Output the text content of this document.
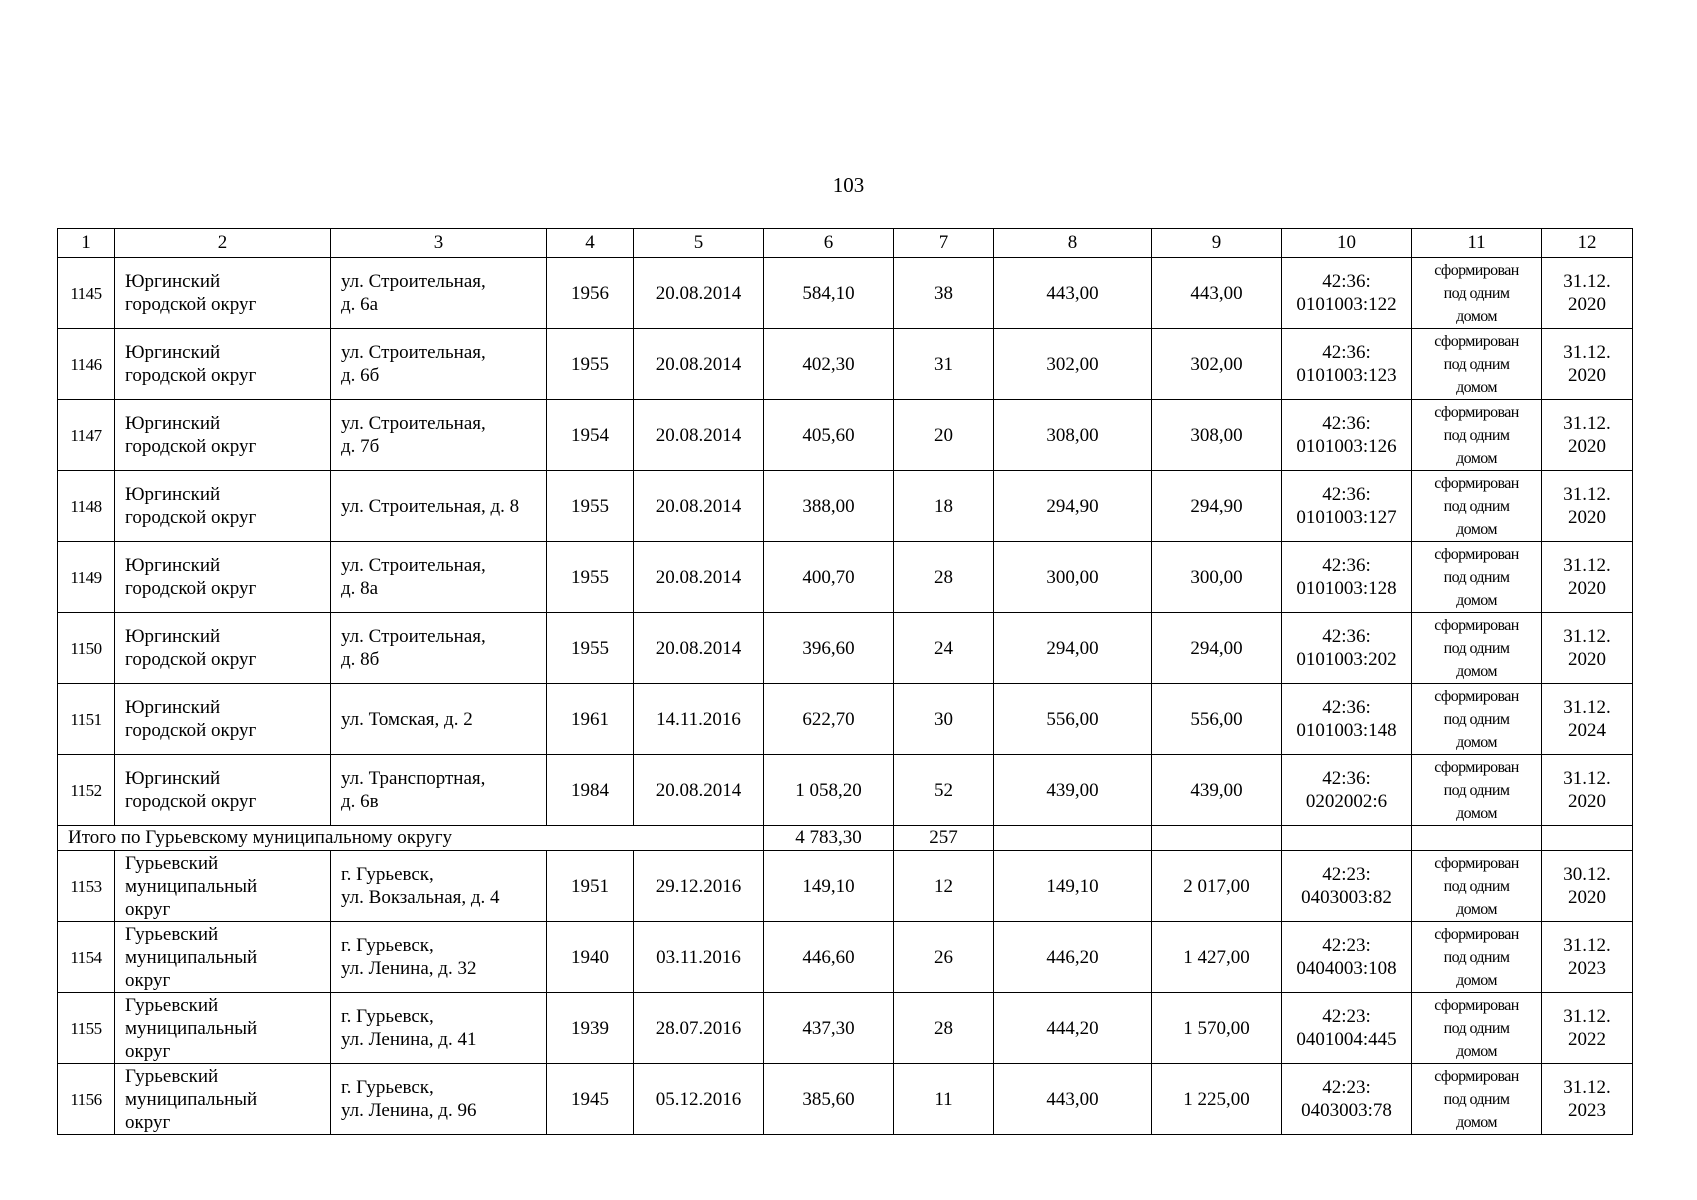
103
1	2	3	4	5	6	7	8	9	10	11	12
1145	Юргинский
городской округ	ул. Строительная,
д. 6а	1956	20.08.2014	584,10	38	443,00	443,00	42:36:
0101003:122	сформирован
под одним
домом	31.12.
2020

1146	Юргинский
городской округ	ул. Строительная,
д. 6б	1955	20.08.2014	402,30	31	302,00	302,00	42:36:
0101003:123	сформирован
под одним
домом	31.12.
2020

1147	Юргинский
городской округ	ул. Строительная,
д. 7б	1954	20.08.2014	405,60	20	308,00	308,00	42:36:
0101003:126	сформирован
под одним
домом	31.12.
2020

1148	Юргинский
городской округ	ул. Строительная, д. 8	1955	20.08.2014	388,00	18	294,90	294,90	42:36:
0101003:127	сформирован
под одним
домом	31.12.
2020

1149	Юргинский
городской округ	ул. Строительная,
д. 8а	1955	20.08.2014	400,70	28	300,00	300,00	42:36:
0101003:128	сформирован
под одним
домом	31.12.
2020

1150	Юргинский
городской округ	ул. Строительная,
д. 8б	1955	20.08.2014	396,60	24	294,00	294,00	42:36:
0101003:202	сформирован
под одним
домом	31.12.
2020

1151	Юргинский
городской округ	ул. Томская, д. 2	1961	14.11.2016	622,70	30	556,00	556,00	42:36:
0101003:148	сформирован
под одним
домом	31.12.
2024

1152	Юргинский
городской округ	ул. Транспортная,
д. 6в	1984	20.08.2014	1 058,20	52	439,00	439,00	42:36:
0202002:6	сформирован
под одним
домом	31.12.
2020

Итого по Гурьевскому муниципальному округу					4 783,30	257					
1153	Гурьевский
муниципальный
округ	г. Гурьевск,
ул. Вокзальная, д. 4	1951	29.12.2016	149,10	12	149,10	2 017,00	42:23:
0403003:82	сформирован
под одним
домом	30.12.
2020

1154	Гурьевский
муниципальный
округ	г. Гурьевск,
ул. Ленина, д. 32	1940	03.11.2016	446,60	26	446,20	1 427,00	42:23:
0404003:108	сформирован
под одним
домом	31.12.
2023

1155	Гурьевский
муниципальный
округ	г. Гурьевск,
ул. Ленина, д. 41	1939	28.07.2016	437,30	28	444,20	1 570,00	42:23:
0401004:445	сформирован
под одним
домом	31.12.
2022

1156	Гурьевский
муниципальный
округ	г. Гурьевск,
ул. Ленина, д. 96	1945	05.12.2016	385,60	11	443,00	1 225,00	42:23:
0403003:78	сформирован
под одним
домом	31.12.
2023
